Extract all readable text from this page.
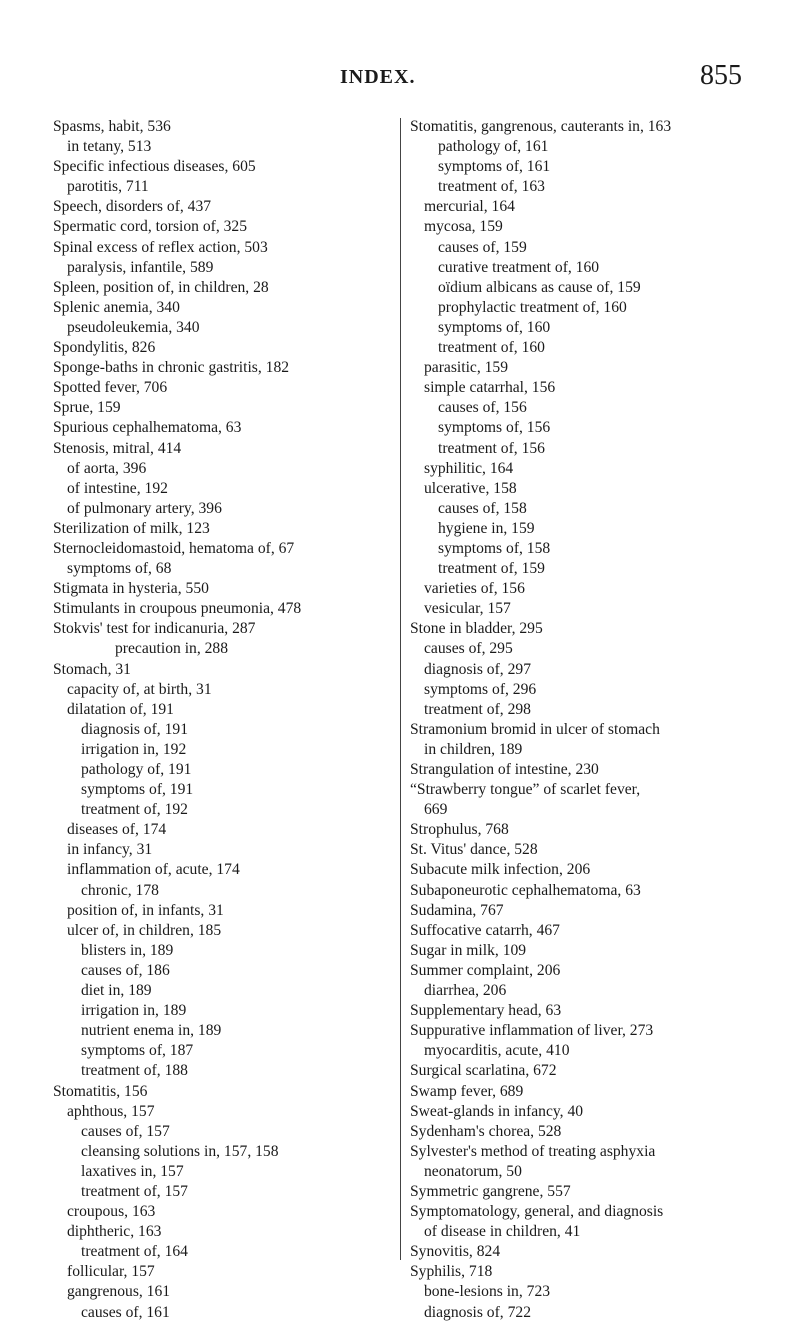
INDEX.	855
Spasms, habit, 536
in tetany, 513
Specific infectious diseases, 605
parotitis, 711
Speech, disorders of, 437
Spermatic cord, torsion of, 325
Spinal excess of reflex action, 503
paralysis, infantile, 589
Spleen, position of, in children, 28
Splenic anemia, 340
pseudoleukemia, 340
Spondylitis, 826
Sponge-baths in chronic gastritis, 182
Spotted fever, 706
Sprue, 159
Spurious cephalhematoma, 63
Stenosis, mitral, 414
of aorta, 396
of intestine, 192
of pulmonary artery, 396
Sterilization of milk, 123
Sternocleidomastoid, hematoma of, 67
symptoms of, 68
Stigmata in hysteria, 550
Stimulants in croupous pneumonia, 478
Stokvis' test for indicanuria, 287
precaution in, 288
Stomach, 31
capacity of, at birth, 31
dilatation of, 191
diagnosis of, 191
irrigation in, 192
pathology of, 191
symptoms of, 191
treatment of, 192
diseases of, 174
in infancy, 31
inflammation of, acute, 174
chronic, 178
position of, in infants, 31
ulcer of, in children, 185
blisters in, 189
causes of, 186
diet in, 189
irrigation in, 189
nutrient enema in, 189
symptoms of, 187
treatment of, 188
Stomatitis, 156
aphthous, 157
causes of, 157
cleansing solutions in, 157, 158
laxatives in, 157
treatment of, 157
croupous, 163
diphtheric, 163
treatment of, 164
follicular, 157
gangrenous, 161
causes of, 161
Stomatitis, gangrenous, cauterants in, 163
pathology of, 161
symptoms of, 161
treatment of, 163
mercurial, 164
mycosa, 159
causes of, 159
curative treatment of, 160
oïdium albicans as cause of, 159
prophylactic treatment of, 160
symptoms of, 160
treatment of, 160
parasitic, 159
simple catarrhal, 156
causes of, 156
symptoms of, 156
treatment of, 156
syphilitic, 164
ulcerative, 158
causes of, 158
hygiene in, 159
symptoms of, 158
treatment of, 159
varieties of, 156
vesicular, 157
Stone in bladder, 295
causes of, 295
diagnosis of, 297
symptoms of, 296
treatment of, 298
Stramonium bromid in ulcer of stomach
in children, 189
Strangulation of intestine, 230
“Strawberry tongue” of scarlet fever,
669
Strophulus, 768
St. Vitus' dance, 528
Subacute milk infection, 206
Subaponeurotic cephalhematoma, 63
Sudamina, 767
Suffocative catarrh, 467
Sugar in milk, 109
Summer complaint, 206
diarrhea, 206
Supplementary head, 63
Suppurative inflammation of liver, 273
myocarditis, acute, 410
Surgical scarlatina, 672
Swamp fever, 689
Sweat-glands in infancy, 40
Sydenham's chorea, 528
Sylvester's method of treating asphyxia
neonatorum, 50
Symmetric gangrene, 557
Symptomatology, general, and diagnosis
of disease in children, 41
Synovitis, 824
Syphilis, 718
bone-lesions in, 723
diagnosis of, 722
